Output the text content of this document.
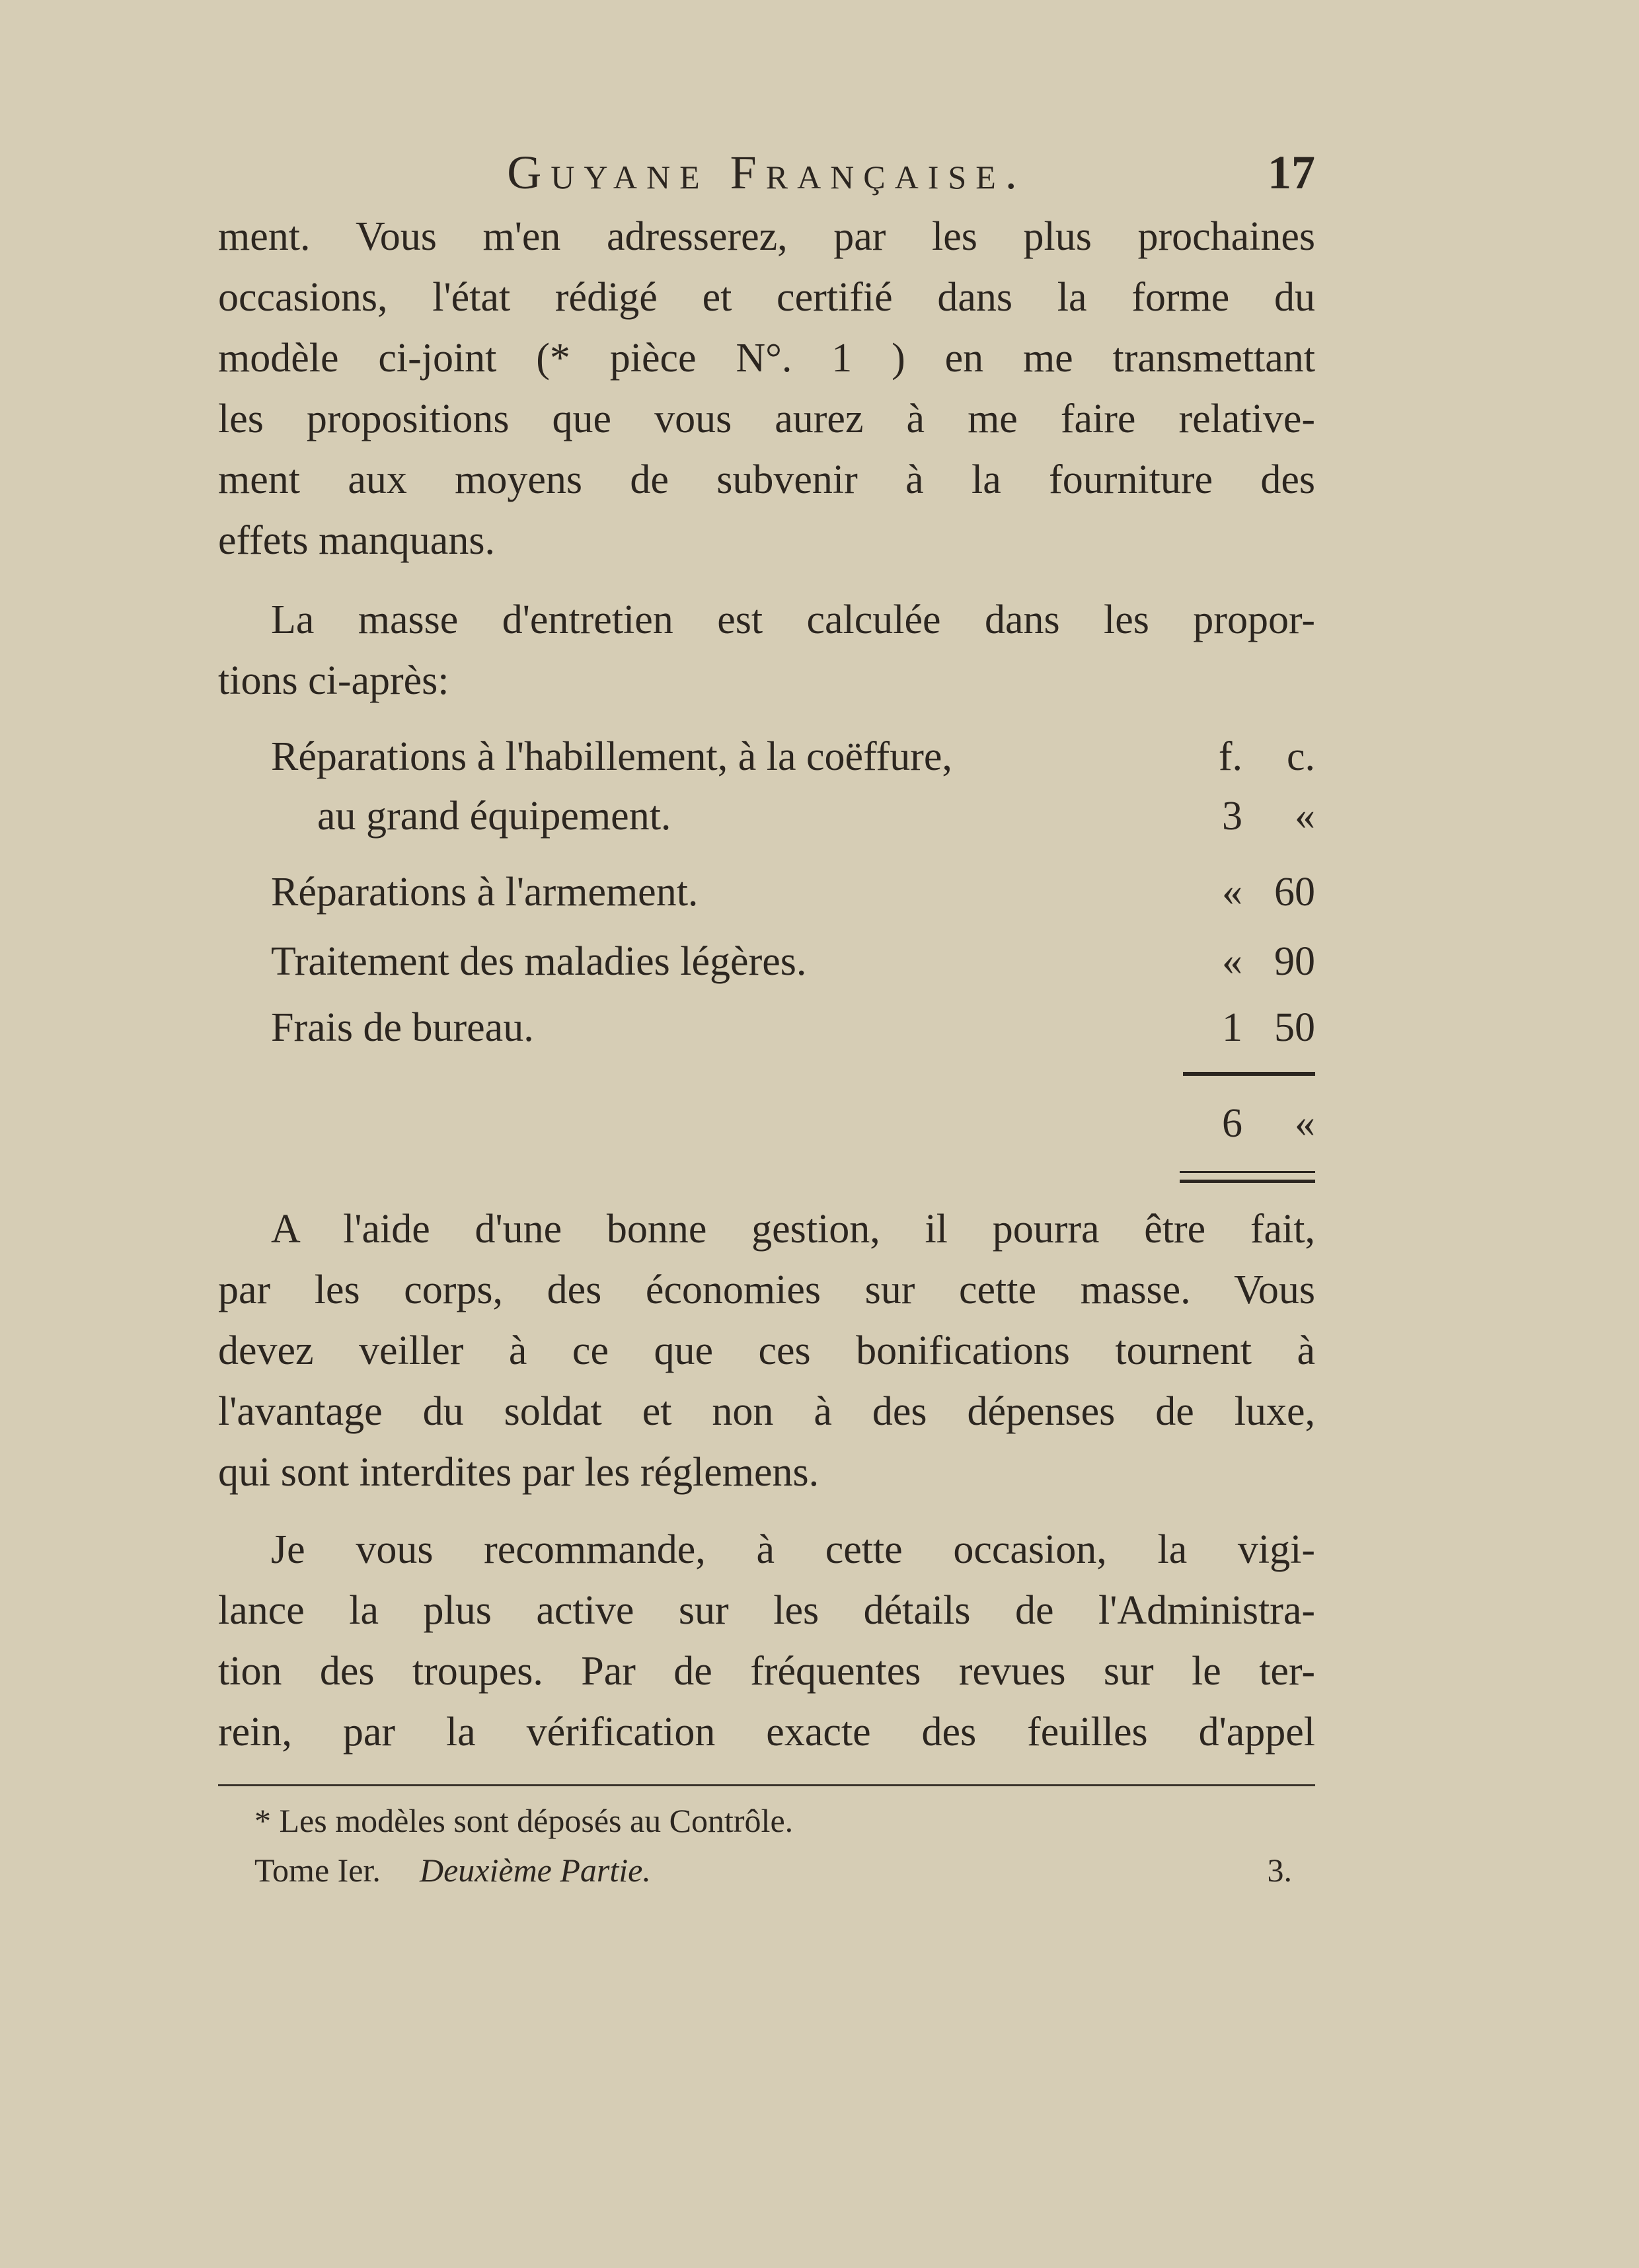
Guyane Française.	17
ment. Vous m'en adresserez, par les plus prochaines
occasions, l'état rédigé et certifié dans la forme du
modèle ci-joint (* pièce N°. 1 ) en me transmettant
les propositions que vous aurez à me faire relative-
ment aux moyens de subvenir à la fourniture des
effets manquans.
La masse d'entretien est calculée dans les propor-
tions ci-après:
Réparations à l'habillement, à la coëffure,	f.	c.
au grand équipement.	3	«
Réparations à l'armement.	« 60
Traitement des maladies légères.	« 90
Frais de bureau.	1 50
6	«
A l'aide d'une bonne gestion, il pourra être fait,
par les corps, des économies sur cette masse. Vous
devez veiller à ce que ces bonifications tournent à
l'avantage du soldat et non à des dépenses de luxe,
qui sont interdites par les réglemens.
Je vous recommande, à cette occasion, la vigi-
lance la plus active sur les détails de l'Administra-
tion des troupes. Par de fréquentes revues sur le ter-
rein, par la vérification exacte des feuilles d'appel
* Les modèles sont déposés au Contrôle.
Tome Ier. Deuxième Partie.	3.
